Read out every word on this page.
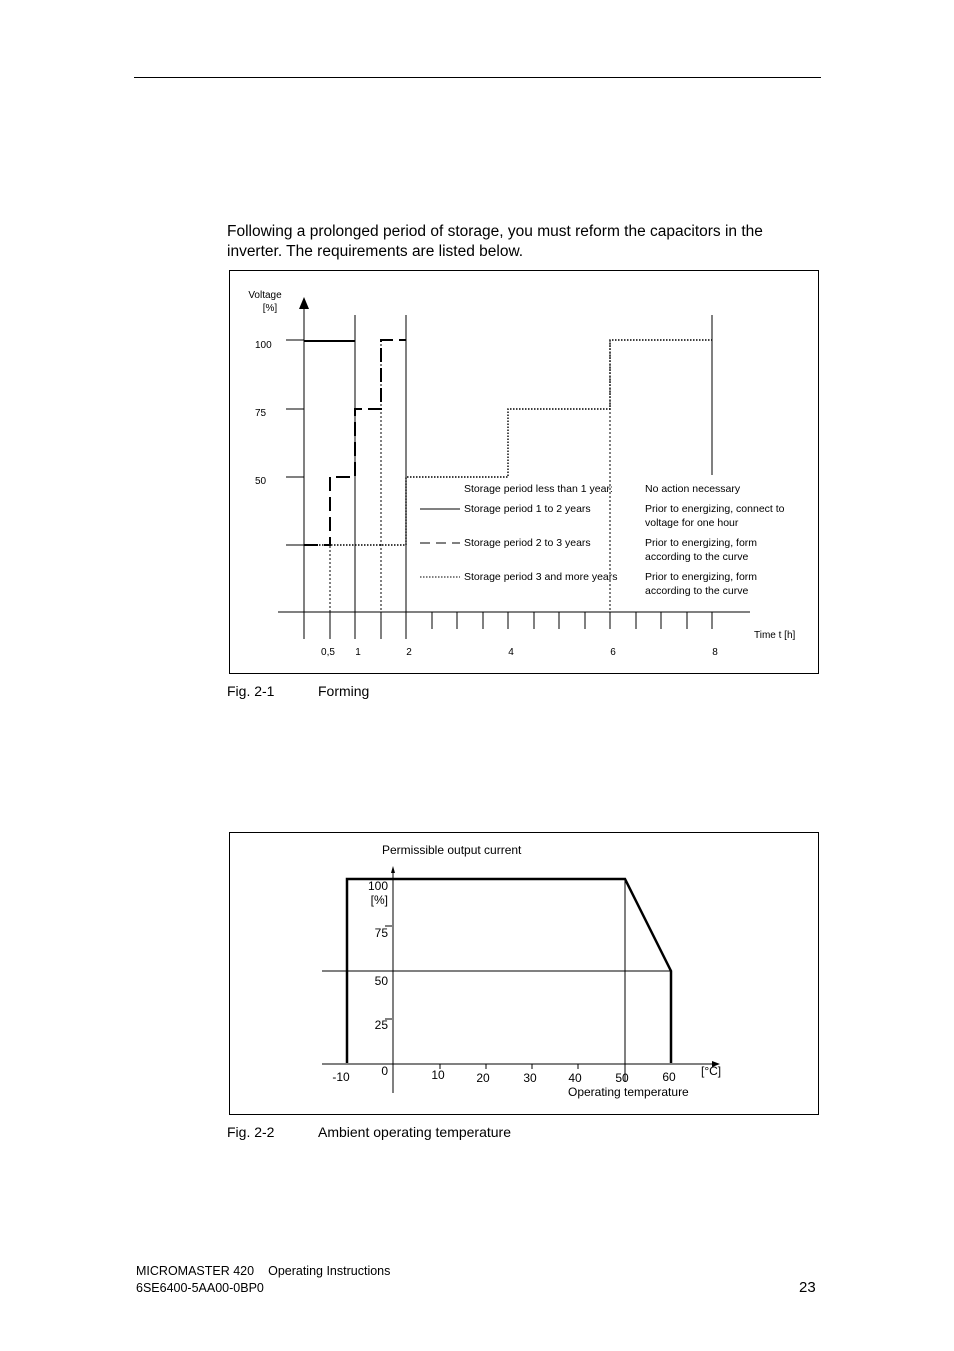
Following a prolonged period of storage, you must reform the capacitors in the
inverter. The requirements are listed below.
Voltage
[%]
100
75
50
0,5 1	2	4	6	8
Time t [h]
Storage period less than 1 year:	No action necessary
Storage period 1 to 2 years	Prior to energizing, connect to
voltage for one hour
Storage period 2 to 3 years	Prior to energizing, form
according to the curve
Storage period 3 and more years	Prior to energizing, form
according to the curve
Fig. 2-1	Forming
Permissible output current
100
[%]
75
50
25
0
-10	10	20	30	40	50	60 [°C]
Operating temperature
Fig. 2-2	Ambient operating temperature
MICROMASTER 420 Operating Instructions
6SE6400-5AA00-0BP0	23
